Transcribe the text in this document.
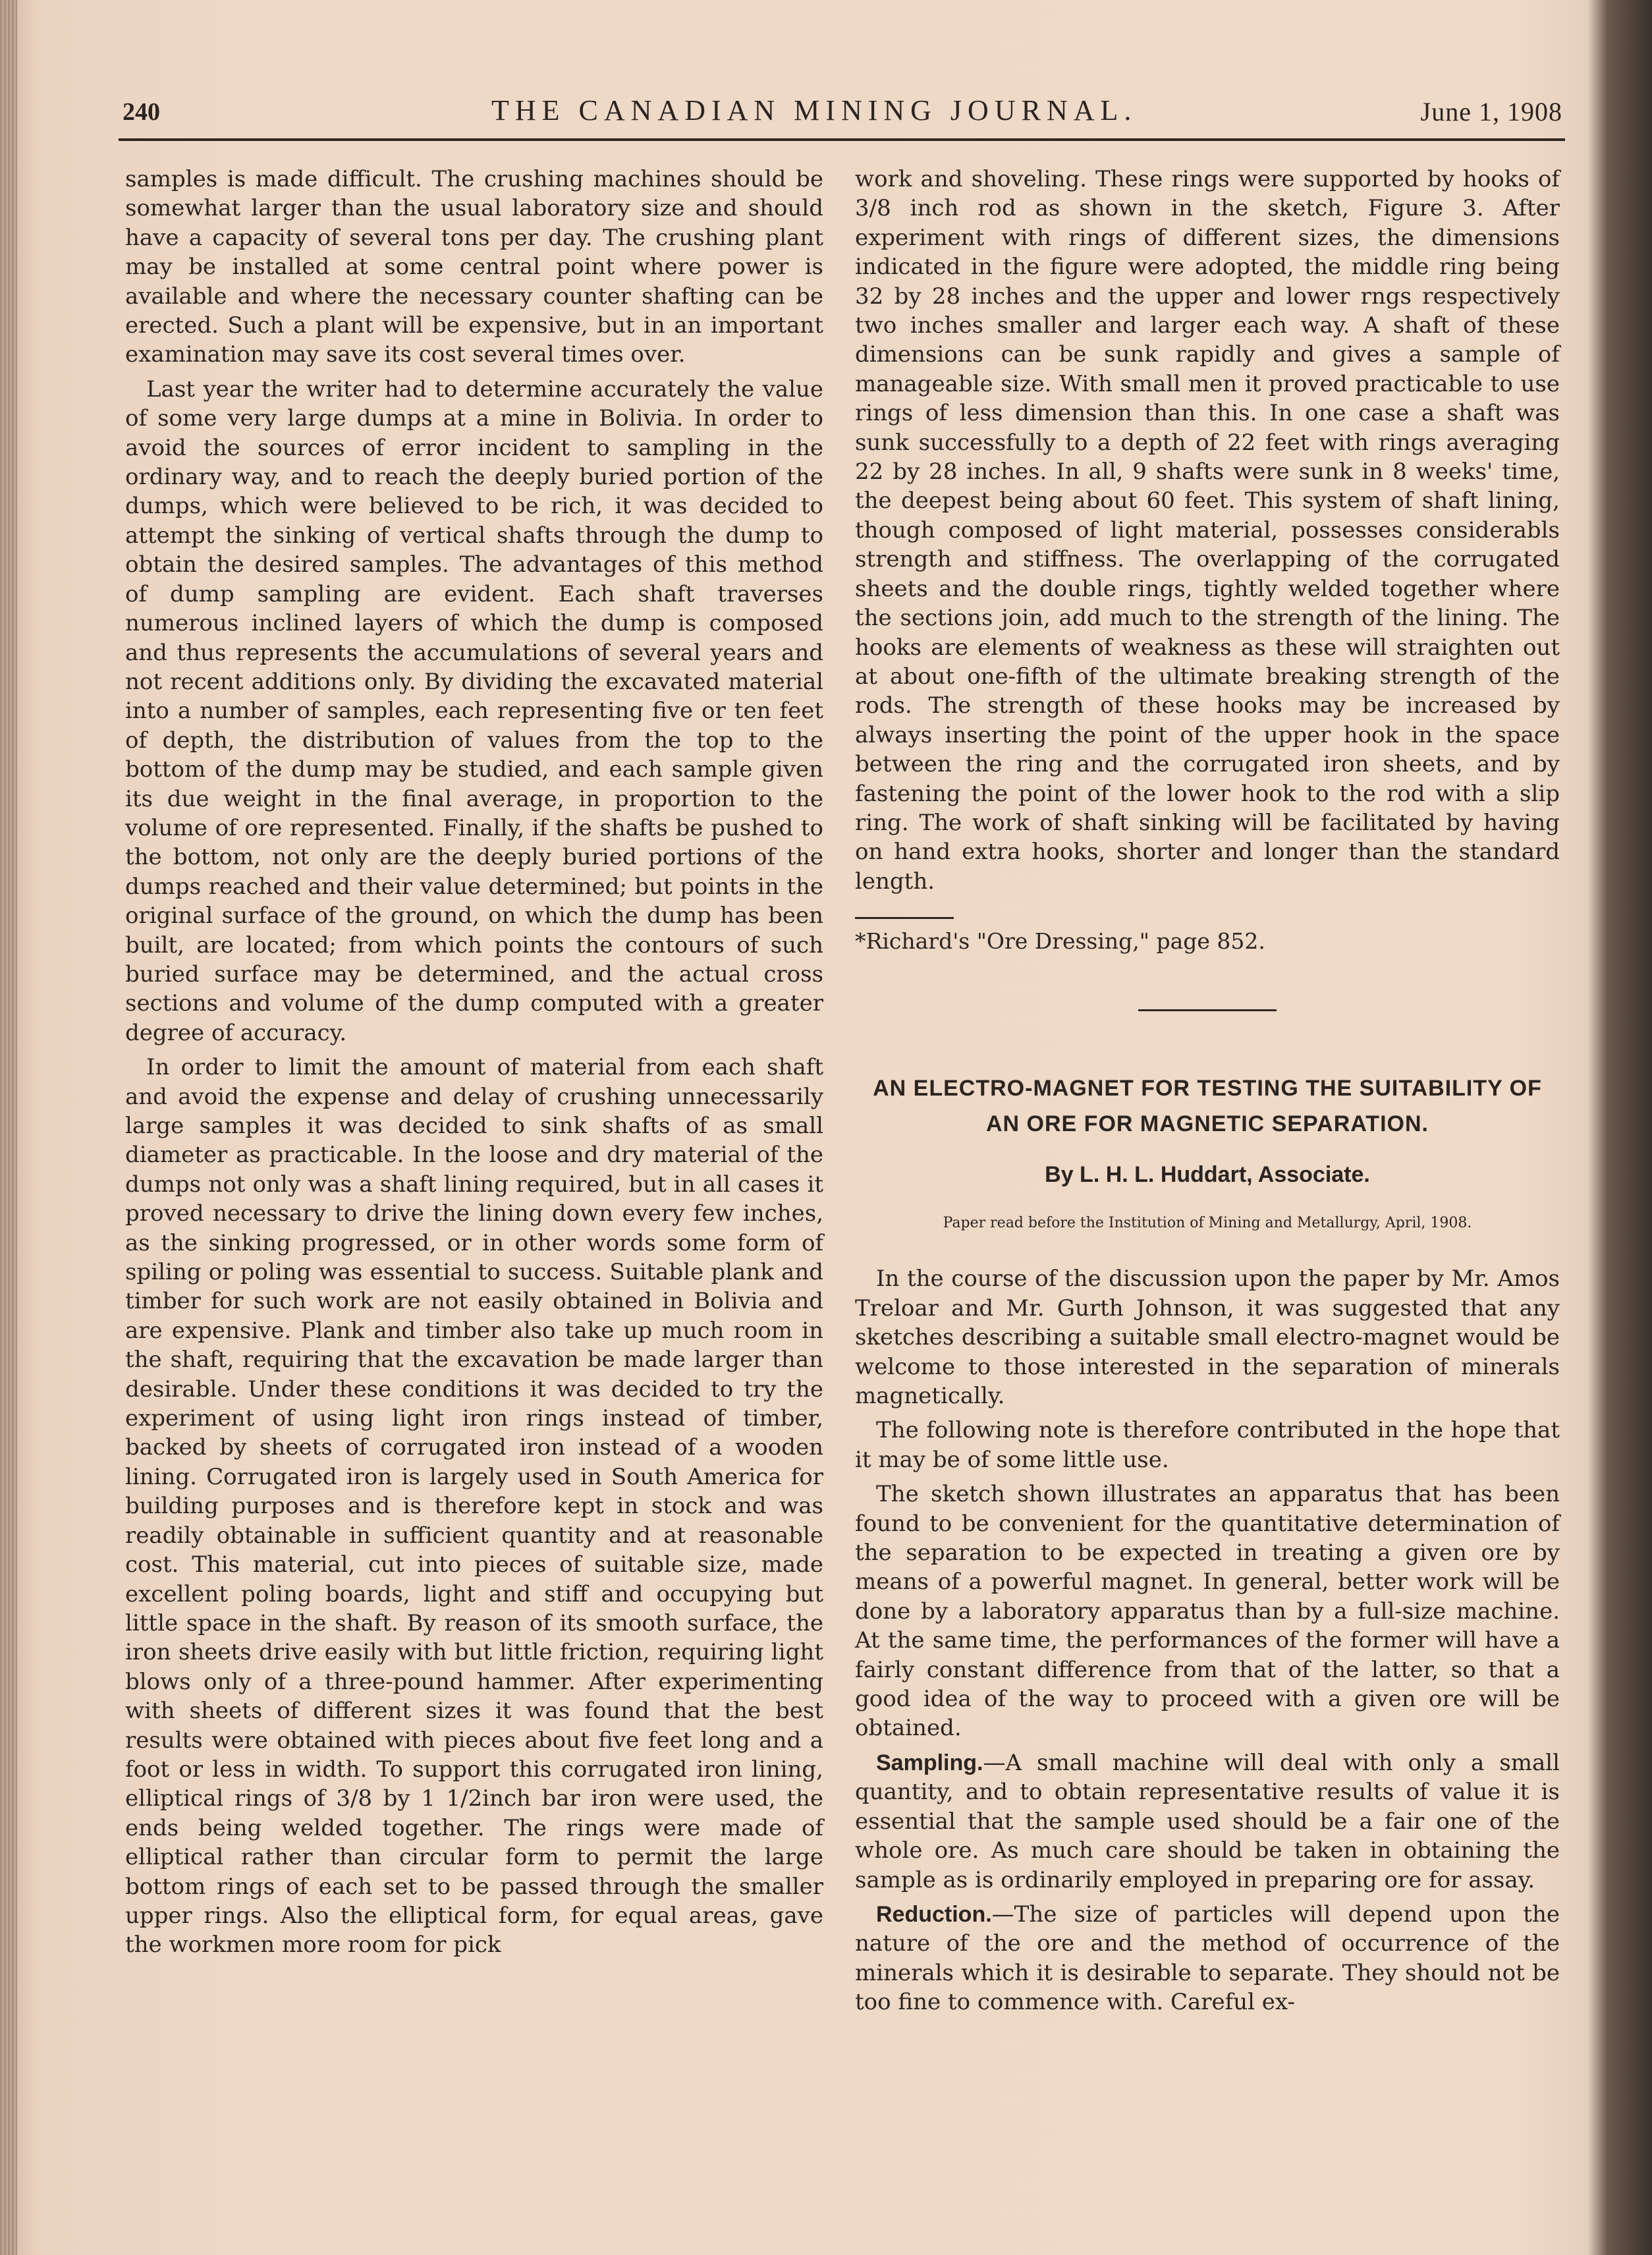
240	THE CANADIAN MINING JOURNAL.	June 1, 1908

samples is made difficult. The crushing machines should be somewhat larger than the usual laboratory size and should have a capacity of several tons per day. The crushing plant may be installed at some central point where power is available and where the necessary counter shafting can be erected. Such a plant will be expensive, but in an important examination may save its cost several times over.

Last year the writer had to determine accurately the value of some very large dumps at a mine in Bolivia. In order to avoid the sources of error incident to sampling in the ordinary way, and to reach the deeply buried portion of the dumps, which were believed to be rich, it was decided to attempt the sinking of vertical shafts through the dump to obtain the desired samples. The advantages of this method of dump sampling are evident. Each shaft traverses numerous inclined layers of which the dump is composed and thus represents the accumulations of several years and not recent additions only. By dividing the excavated material into a number of samples, each representing five or ten feet of depth, the distribution of values from the top to the bottom of the dump may be studied, and each sample given its due weight in the final average, in proportion to the volume of ore represented. Finally, if the shafts be pushed to the bottom, not only are the deeply buried portions of the dumps reached and their value determined; but points in the original surface of the ground, on which the dump has been built, are located; from which points the contours of such buried surface may be determined, and the actual cross sections and volume of the dump computed with a greater degree of accuracy.

In order to limit the amount of material from each shaft and avoid the expense and delay of crushing unnecessarily large samples it was decided to sink shafts of as small diameter as practicable. In the loose and dry material of the dumps not only was a shaft lining required, but in all cases it proved necessary to drive the lining down every few inches, as the sinking progressed, or in other words some form of spiling or poling was essential to success. Suitable plank and timber for such work are not easily obtained in Bolivia and are expensive. Plank and timber also take up much room in the shaft, requiring that the excavation be made larger than desirable. Under these conditions it was decided to try the experiment of using light iron rings instead of timber, backed by sheets of corrugated iron instead of a wooden lining. Corrugated iron is largely used in South America for building purposes and is therefore kept in stock and was readily obtainable in sufficient quantity and at reasonable cost. This material, cut into pieces of suitable size, made excellent poling boards, light and stiff and occupying but little space in the shaft. By reason of its smooth surface, the iron sheets drive easily with but little friction, requiring light blows only of a three-pound hammer. After experimenting with sheets of different sizes it was found that the best results were obtained with pieces about five feet long and a foot or less in width. To support this corrugated iron lining, elliptical rings of 3/8 by 1 1/2inch bar iron were used, the ends being welded together. The rings were made of elliptical rather than circular form to permit the large bottom rings of each set to be passed through the smaller upper rings. Also the elliptical form, for equal areas, gave the workmen more room for pick

work and shoveling. These rings were supported by hooks of 3/8 inch rod as shown in the sketch, Figure 3. After experiment with rings of different sizes, the dimensions indicated in the figure were adopted, the middle ring being 32 by 28 inches and the upper and lower rngs respectively two inches smaller and larger each way. A shaft of these dimensions can be sunk rapidly and gives a sample of manageable size. With small men it proved practicable to use rings of less dimension than this. In one case a shaft was sunk successfully to a depth of 22 feet with rings averaging 22 by 28 inches. In all, 9 shafts were sunk in 8 weeks' time, the deepest being about 60 feet. This system of shaft lining, though composed of light material, possesses considerabls strength and stiffness. The overlapping of the corrugated sheets and the double rings, tightly welded together where the sections join, add much to the strength of the lining. The hooks are elements of weakness as these will straighten out at about one-fifth of the ultimate breaking strength of the rods. The strength of these hooks may be increased by always inserting the point of the upper hook in the space between the ring and the corrugated iron sheets, and by fastening the point of the lower hook to the rod with a slip ring. The work of shaft sinking will be facilitated by having on hand extra hooks, shorter and longer than the standard length.

*Richard's "Ore Dressing," page 852.

AN ELECTRO-MAGNET FOR TESTING THE SUITABILITY OF AN ORE FOR MAGNETIC SEPARATION.
By L. H. L. Huddart, Associate.
Paper read before the Institution of Mining and Metallurgy, April, 1908.

In the course of the discussion upon the paper by Mr. Amos Treloar and Mr. Gurth Johnson, it was suggested that any sketches describing a suitable small electro-magnet would be welcome to those interested in the separation of minerals magnetically.

The following note is therefore contributed in the hope that it may be of some little use.

The sketch shown illustrates an apparatus that has been found to be convenient for the quantitative determination of the separation to be expected in treating a given ore by means of a powerful magnet. In general, better work will be done by a laboratory apparatus than by a full-size machine. At the same time, the performances of the former will have a fairly constant difference from that of the latter, so that a good idea of the way to proceed with a given ore will be obtained.

Sampling.—A small machine will deal with only a small quantity, and to obtain representative results of value it is essential that the sample used should be a fair one of the whole ore. As much care should be taken in obtaining the sample as is ordinarily employed in preparing ore for assay.

Reduction.—The size of particles will depend upon the nature of the ore and the method of occurrence of the minerals which it is desirable to separate. They should not be too fine to commence with. Careful ex-
